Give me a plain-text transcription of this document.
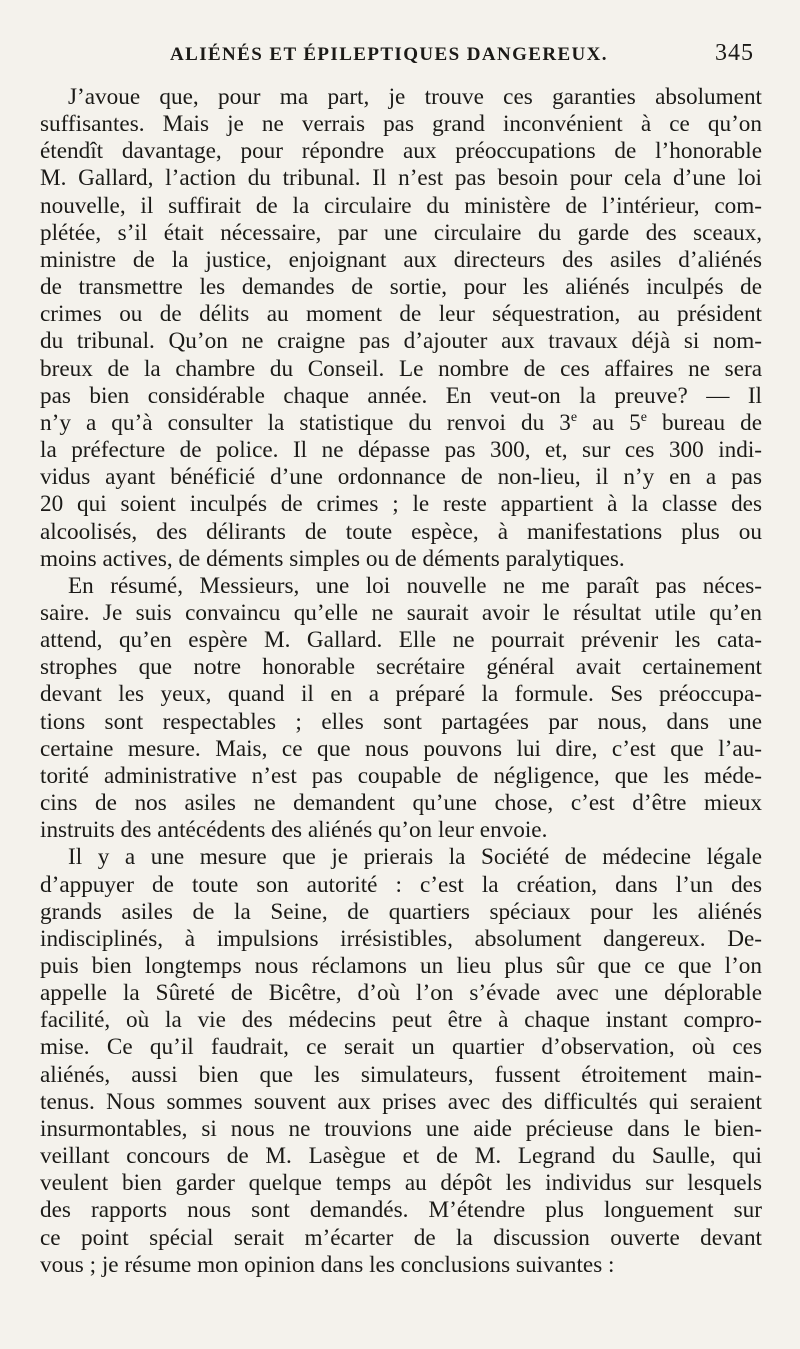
ALIÉNÉS ET ÉPILEPTIQUES DANGEREUX.	345
J’avoue que, pour ma part, je trouve ces garanties absolument
suffisantes. Mais je ne verrais pas grand inconvénient à ce qu’on
étendît davantage, pour répondre aux préoccupations de l’honorable
M. Gallard, l’action du tribunal. Il n’est pas besoin pour cela d’une loi
nouvelle, il suffirait de la circulaire du ministère de l’intérieur, com-
plétée, s’il était nécessaire, par une circulaire du garde des sceaux,
ministre de la justice, enjoignant aux directeurs des asiles d’aliénés
de transmettre les demandes de sortie, pour les aliénés inculpés de
crimes ou de délits au moment de leur séquestration, au président
du tribunal. Qu’on ne craigne pas d’ajouter aux travaux déjà si nom-
breux de la chambre du Conseil. Le nombre de ces affaires ne sera
pas bien considérable chaque année. En veut-on la preuve? — Il
n’y a qu’à consulter la statistique du renvoi du 3e au 5e bureau de
la préfecture de police. Il ne dépasse pas 300, et, sur ces 300 indi-
vidus ayant bénéficié d’une ordonnance de non-lieu, il n’y en a pas
20 qui soient inculpés de crimes ; le reste appartient à la classe des
alcoolisés, des délirants de toute espèce, à manifestations plus ou
moins actives, de déments simples ou de déments paralytiques.
En résumé, Messieurs, une loi nouvelle ne me paraît pas néces-
saire. Je suis convaincu qu’elle ne saurait avoir le résultat utile qu’en
attend, qu’en espère M. Gallard. Elle ne pourrait prévenir les cata-
strophes que notre honorable secrétaire général avait certainement
devant les yeux, quand il en a préparé la formule. Ses préoccupa-
tions sont respectables ; elles sont partagées par nous, dans une
certaine mesure. Mais, ce que nous pouvons lui dire, c’est que l’au-
torité administrative n’est pas coupable de négligence, que les méde-
cins de nos asiles ne demandent qu’une chose, c’est d’être mieux
instruits des antécédents des aliénés qu’on leur envoie.
Il y a une mesure que je prierais la Société de médecine légale
d’appuyer de toute son autorité : c’est la création, dans l’un des
grands asiles de la Seine, de quartiers spéciaux pour les aliénés
indisciplinés, à impulsions irrésistibles, absolument dangereux. De-
puis bien longtemps nous réclamons un lieu plus sûr que ce que l’on
appelle la Sûreté de Bicêtre, d’où l’on s’évade avec une déplorable
facilité, où la vie des médecins peut être à chaque instant compro-
mise. Ce qu’il faudrait, ce serait un quartier d’observation, où ces
aliénés, aussi bien que les simulateurs, fussent étroitement main-
tenus. Nous sommes souvent aux prises avec des difficultés qui seraient
insurmontables, si nous ne trouvions une aide précieuse dans le bien-
veillant concours de M. Lasègue et de M. Legrand du Saulle, qui
veulent bien garder quelque temps au dépôt les individus sur lesquels
des rapports nous sont demandés. M’étendre plus longuement sur
ce point spécial serait m’écarter de la discussion ouverte devant
vous ; je résume mon opinion dans les conclusions suivantes :
